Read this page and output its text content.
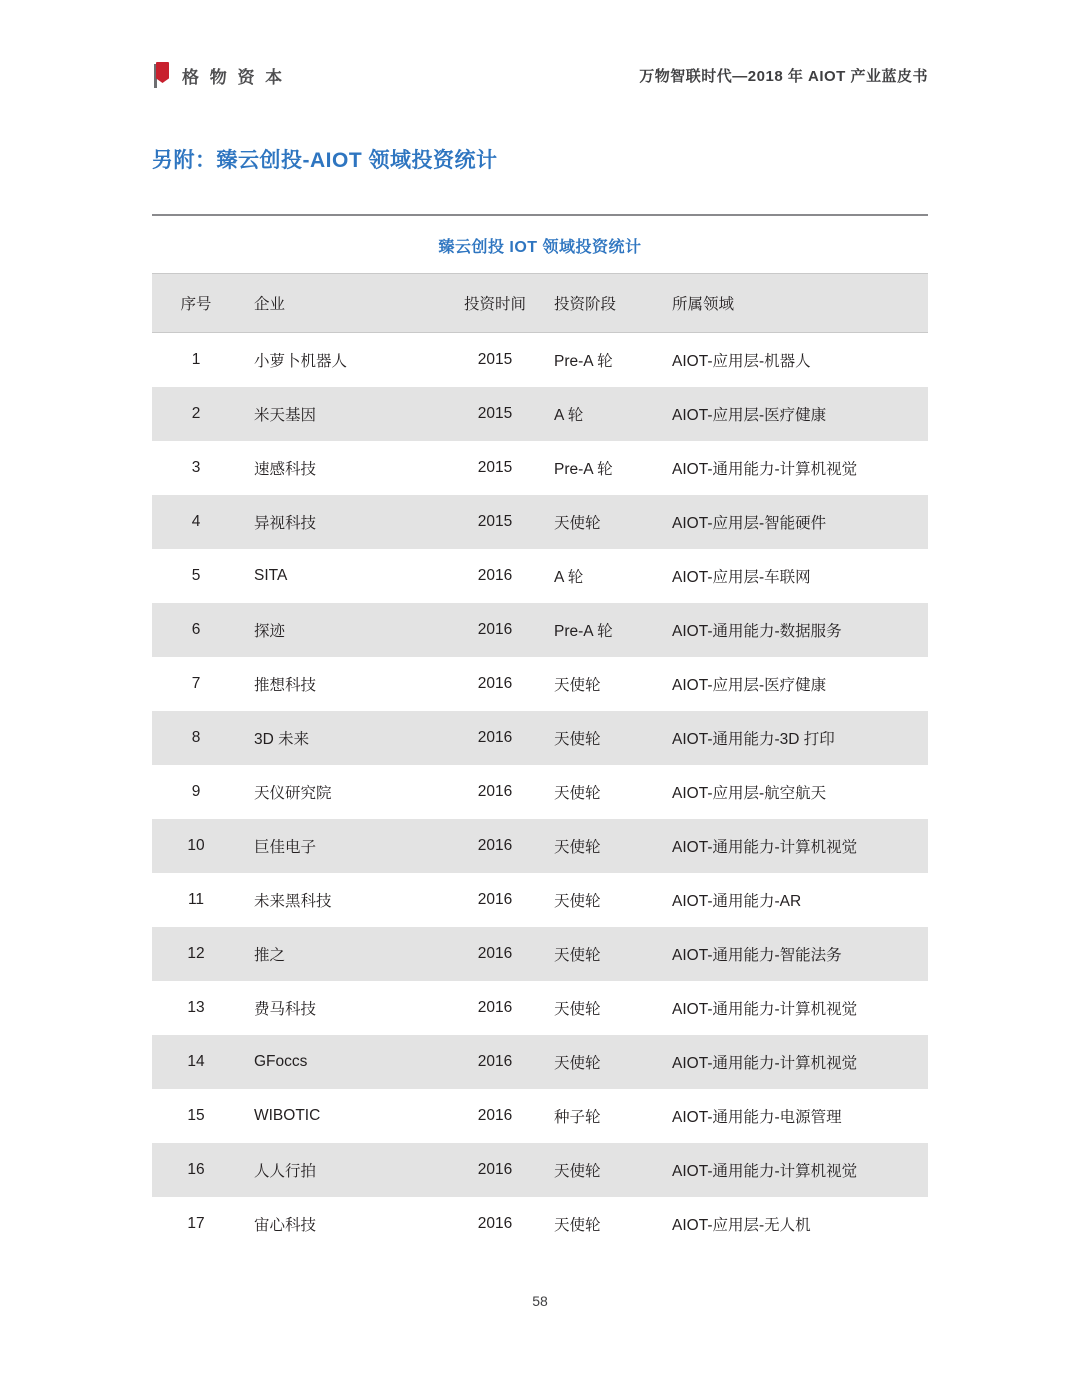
格 物 资 本	万物智联时代—2018 年 AIOT 产业蓝皮书
另附：臻云创投-AIOT 领域投资统计
臻云创投 IOT 领域投资统计
序号	企业	投资时间	投资阶段	所属领域
1	小萝卜机器人	2015	Pre-A 轮	AIOT-应用层-机器人
2	米天基因	2015	A 轮	AIOT-应用层-医疗健康
3	速感科技	2015	Pre-A 轮	AIOT-通用能力-计算机视觉
4	异视科技	2015	天使轮	AIOT-应用层-智能硬件
5	SITA	2016	A 轮	AIOT-应用层-车联网
6	探迹	2016	Pre-A 轮	AIOT-通用能力-数据服务
7	推想科技	2016	天使轮	AIOT-应用层-医疗健康
8	3D 未来	2016	天使轮	AIOT-通用能力-3D 打印
9	天仪研究院	2016	天使轮	AIOT-应用层-航空航天
10	巨佳电子	2016	天使轮	AIOT-通用能力-计算机视觉
11	未来黑科技	2016	天使轮	AIOT-通用能力-AR
12	推之	2016	天使轮	AIOT-通用能力-智能法务
13	费马科技	2016	天使轮	AIOT-通用能力-计算机视觉
14	GFoccs	2016	天使轮	AIOT-通用能力-计算机视觉
15	WIBOTIC	2016	种子轮	AIOT-通用能力-电源管理
16	人人行拍	2016	天使轮	AIOT-通用能力-计算机视觉
17	宙心科技	2016	天使轮	AIOT-应用层-无人机
58
